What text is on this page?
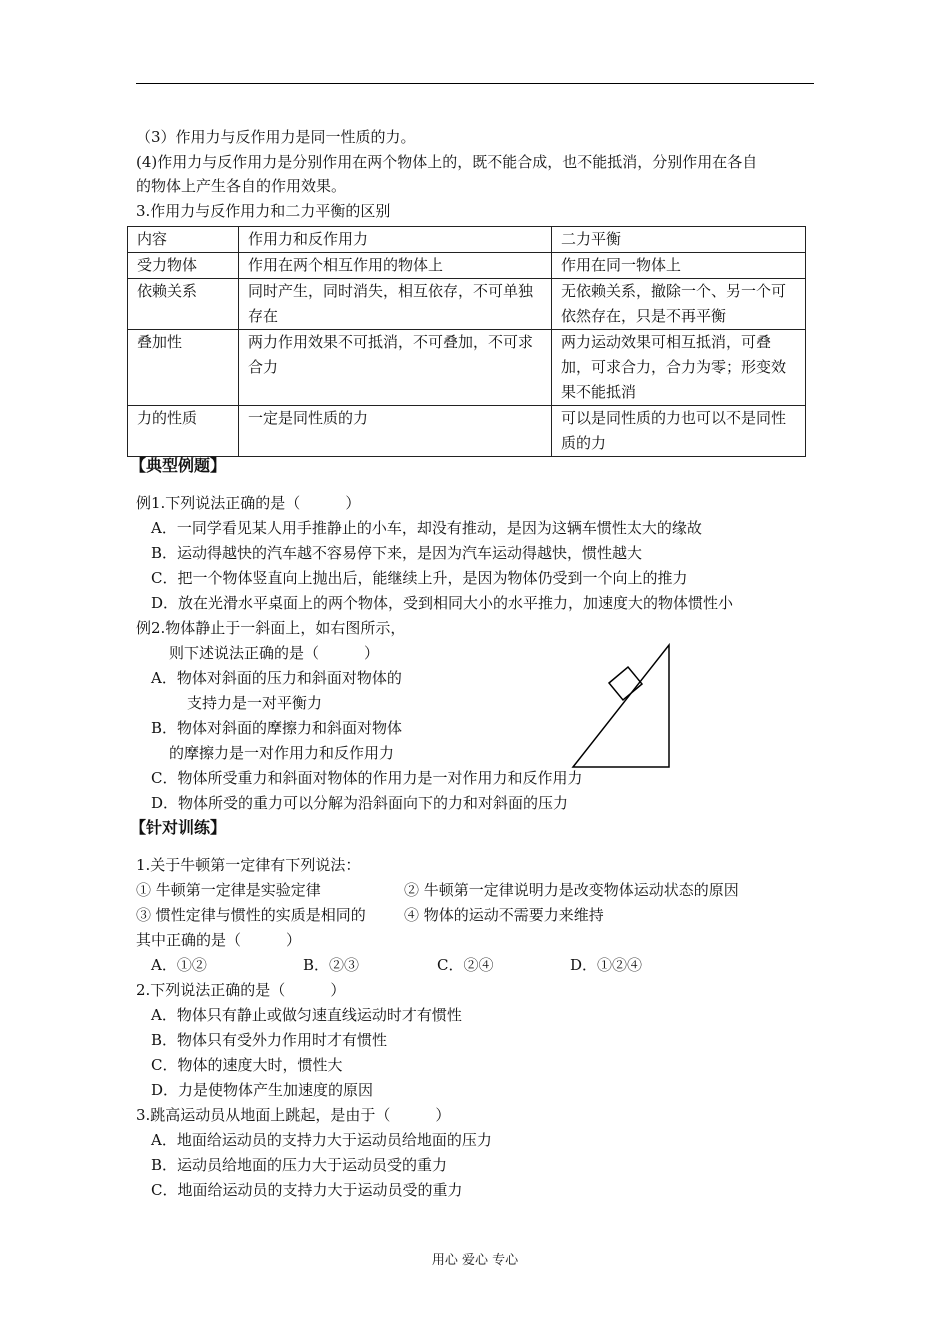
（3）作用力与反作用力是同一性质的力。
(4)作用力与反作用力是分别作用在两个物体上的，既不能合成，也不能抵消，分别作用在各自
的物体上产生各自的作用效果。
3.作用力与反作用力和二力平衡的区别
内容	作用力和反作用力	二力平衡
受力物体	作用在两个相互作用的物体上	作用在同一物体上
依赖关系	同时产生，同时消失，相互依存，不可单独存在	无依赖关系，撤除一个、另一个可依然存在，只是不再平衡
叠加性	两力作用效果不可抵消，不可叠加，不可求合力	两力运动效果可相互抵消，可叠加，可求合力，合力为零；形变效果不能抵消
力的性质	一定是同性质的力	可以是同性质的力也可以不是同性质的力
【典型例题】
例1.下列说法正确的是（　　　）
A．一同学看见某人用手推静止的小车，却没有推动，是因为这辆车惯性太大的缘故
B．运动得越快的汽车越不容易停下来，是因为汽车运动得越快，惯性越大
C．把一个物体竖直向上抛出后，能继续上升，是因为物体仍受到一个向上的推力
D．放在光滑水平桌面上的两个物体，受到相同大小的水平推力，加速度大的物体惯性小
例2.物体静止于一斜面上，如右图所示，
则下述说法正确的是（　　　）
A．物体对斜面的压力和斜面对物体的
支持力是一对平衡力
B．物体对斜面的摩擦力和斜面对物体
的摩擦力是一对作用力和反作用力
C．物体所受重力和斜面对物体的作用力是一对作用力和反作用力
D．物体所受的重力可以分解为沿斜面向下的力和对斜面的压力
【针对训练】
1.关于牛顿第一定律有下列说法：
① 牛顿第一定律是实验定律	② 牛顿第一定律说明力是改变物体运动状态的原因
③ 惯性定律与惯性的实质是相同的	④ 物体的运动不需要力来维持
其中正确的是（　　　）
A．①②	B．②③	C．②④	D．①②④
2.下列说法正确的是（　　　）
A．物体只有静止或做匀速直线运动时才有惯性
B．物体只有受外力作用时才有惯性
C．物体的速度大时，惯性大
D．力是使物体产生加速度的原因
3.跳高运动员从地面上跳起，是由于（　　　）
A．地面给运动员的支持力大于运动员给地面的压力
B．运动员给地面的压力大于运动员受的重力
C．地面给运动员的支持力大于运动员受的重力
用心 爱心 专心
